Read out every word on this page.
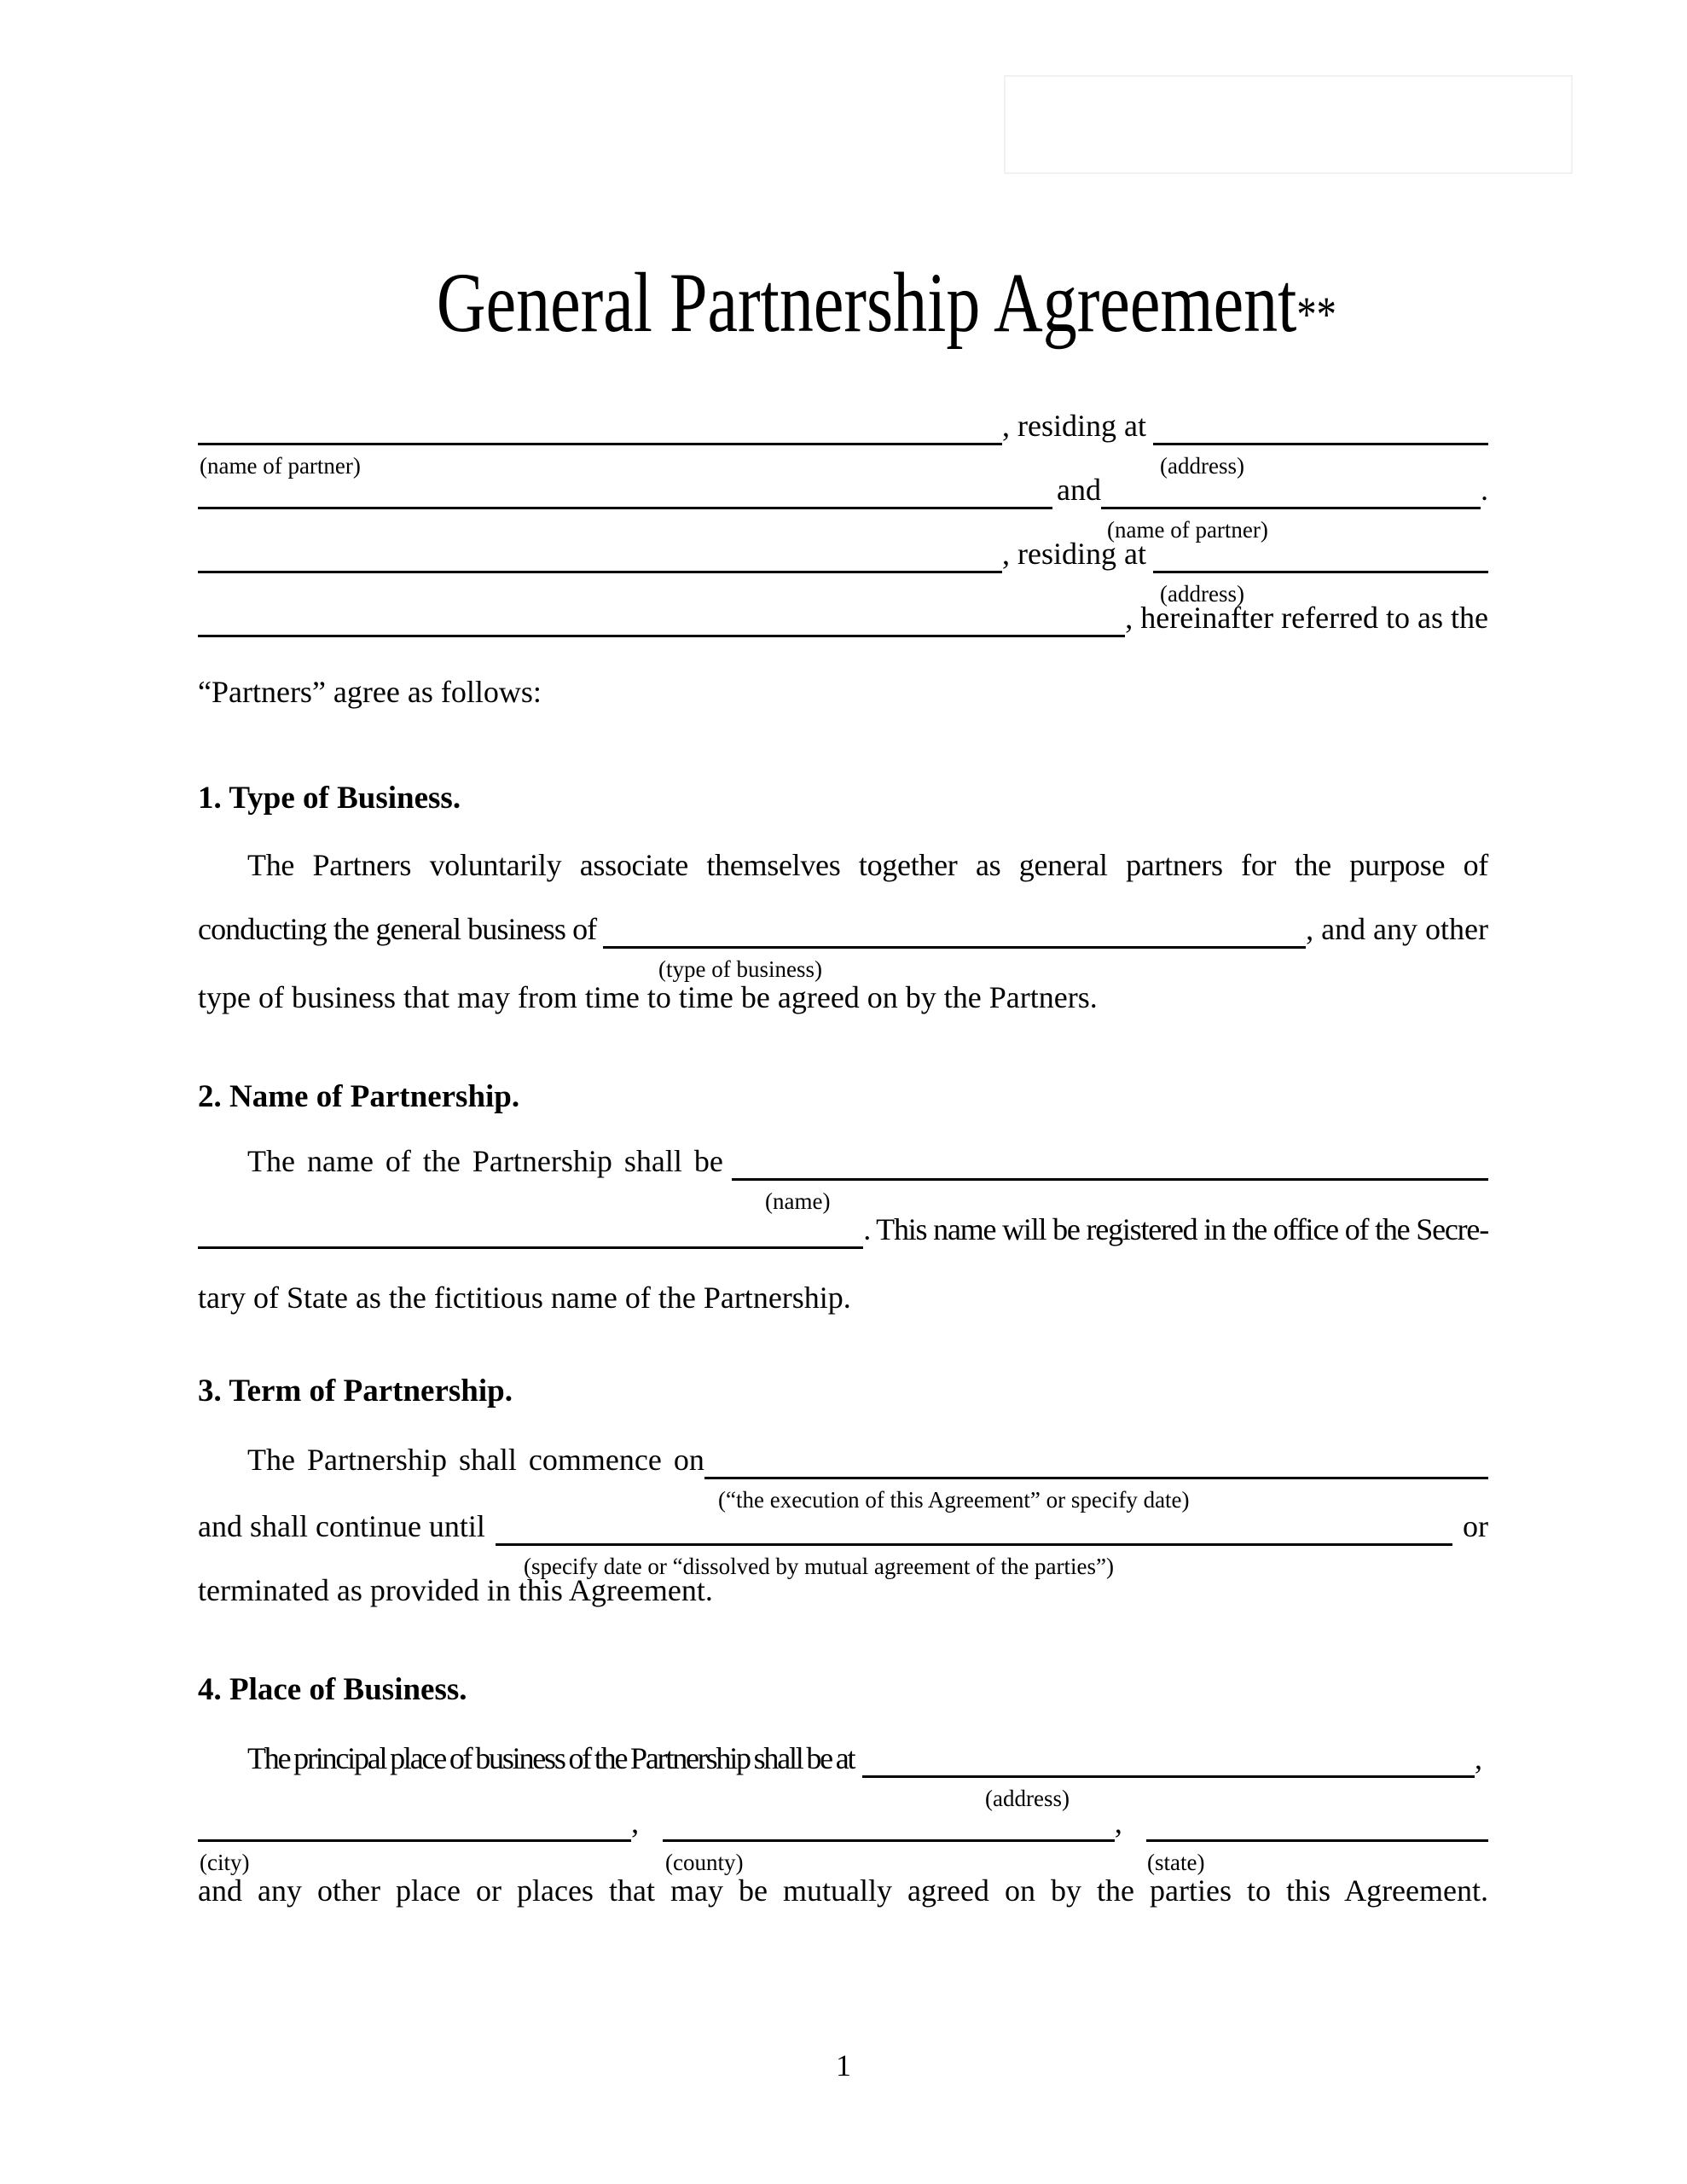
General Partnership Agreement**

, residing at
(name of partner)	(address)
and	.
(name of partner)
, residing at
(address)
, hereinafter referred to as the
“Partners” agree as follows:
1. Type of Business.
The Partners voluntarily associate themselves together as general partners for the purpose of
conducting the general business of	, and any other
(type of business)
type of business that may from time to time be agreed on by the Partners.
2. Name of Partnership.
The name of the Partnership shall be
(name)
. This name will be registered in the office of the Secre-
tary of State as the fictitious name of the Partnership.
3. Term of Partnership.
The Partnership shall commence on
(“the execution of this Agreement” or specify date)
and shall continue until	or
(specify date or “dissolved by mutual agreement of the parties”)
terminated as provided in this Agreement.
4. Place of Business.
The principal place of business of the Partnership shall be at	,
(address)
,	,
(city)	(county)	(state)
and any other place or places that may be mutually agreed on by the parties to this Agreement.
1
